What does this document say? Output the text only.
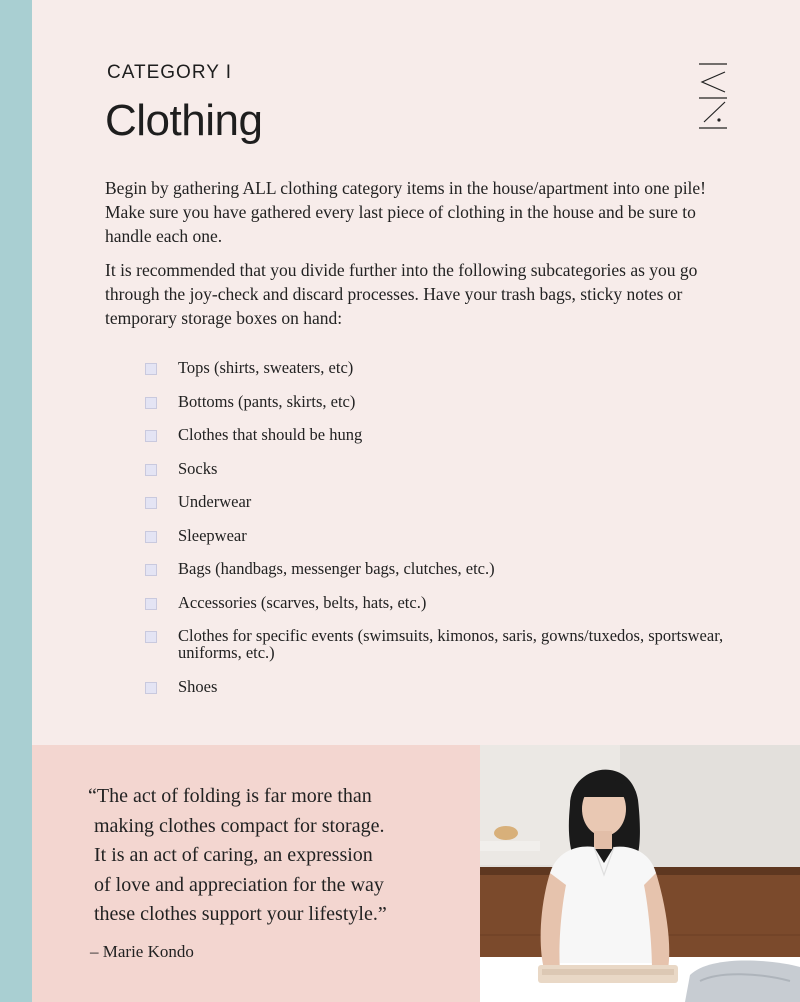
CATEGORY I
Clothing

Begin by gathering ALL clothing category items in the house/apartment into one pile! Make sure you have gathered every last piece of clothing in the house and be sure to handle each one.

It is recommended that you divide further into the following subcategories as you go through the joy-check and discard processes. Have your trash bags, sticky notes or temporary storage boxes on hand:

Tops (shirts, sweaters, etc)
Bottoms (pants, skirts, etc)
Clothes that should be hung
Socks
Underwear
Sleepwear
Bags (handbags, messenger bags, clutches, etc.)
Accessories (scarves, belts, hats, etc.)
Clothes for specific events (swimsuits, kimonos, saris, gowns/tuxedos, sportswear, uniforms, etc.)
Shoes
“The act of folding is far more than
making clothes compact for storage.
It is an act of caring, an expression
of love and appreciation for the way
these clothes support your lifestyle.”
– Marie Kondo
